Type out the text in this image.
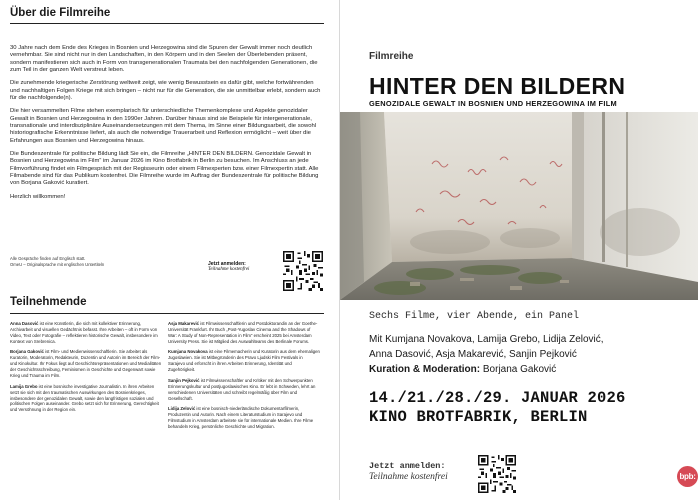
Über die Filmreihe

30 Jahre nach dem Ende des Krieges in Bosnien und Herzegowina sind die Spuren der Gewalt immer noch deutlich vernehmbar. Sie sind nicht nur in den Landschaften, in den Körpern und in den Seelen der Überlebenden präsent, sondern manifestieren sich auch in Form von transgenerationalen Traumata bei den nachfolgenden Generationen, die zum Teil in der ganzen Welt verstreut leben.

Die zunehmende kriegerische Zerstörung weltweit zeigt, wie wenig Bewusstsein es dafür gibt, welche fortwährenden und nachhaltigen Folgen Kriege mit sich bringen – nicht nur für die Generation, die sie unmittelbar erlebt, sondern auch für die nachfolgende(n).

Die hier versammelten Filme stehen exemplarisch für unterschiedliche Themenkomplexe und Aspekte genozidaler Gewalt in Bosnien und Herzegowina in den 1990er Jahren. Darüber hinaus sind sie Beispiele für intergenerationale, transnationale und interdisziplinäre Auseinandersetzungen mit dem Thema, im Sinne einer Bildungsarbeit, die sowohl historiografische Erkenntnisse liefert, als auch die notwendige Trauerarbeit und Reflexion ermöglicht – weit über die Erfahrungen aus Bosnien und Herzegowina hinaus.

Die Bundeszentrale für politische Bildung lädt Sie ein, die Filmreihe „HINTER DEN BILDERN. Genozidale Gewalt in Bosnien und Herzegowina im Film“ im Januar 2026 im Kino Brotfabrik in Berlin zu besuchen. Im Anschluss an jede Filmvorführung findet ein Filmgespräch mit der Regisseurin oder einem Filmexperten bzw. einer Filmexpertin statt. Alle Filmabende sind für das Publikum kostenfrei. Die Filmreihe wurde im Auftrag der Bundeszentrale für politische Bildung von Borjana Gaković kuratiert.

Herzlich willkommen!

Alle Gespräche finden auf Englisch statt.
OmeU – Originalsprache mit englischen Untertiteln	Jetzt anmelden:
Teilnahme kostenfrei
Teilnehmende

Anna Dasović ist eine Künstlerin, die sich mit kollektiver Erinnerung, Archivarbeit und visuellen Gedächtnis befasst. Ihre Arbeiten – oft in Form von Video, Text oder Fotografie – reflektieren historische Gewalt, insbesondere im Kontext von Srebrenica.

Borjana Gaković ist Film- und Medienwissenschaftlerin. Sie arbeitet als Kuratorin, Moderatorin, Redakteurin, Dozentin und Autorin im Bereich der Film- und Kinokultur. Ihr Fokus liegt auf Geschichtsrepräsentationen und Medialitäten der Geschichtsschreibung, Feminismen in Geschichte und Gegenwart sowie Krieg und Trauma im Film.

Lamija Grebo ist eine bosnische investigative Journalistin. In ihren Arbeiten setzt sie sich mit den traumatischen Auswirkungen des Bosnienkrieges, insbesondere der genozidalen Gewalt, sowie den langfristigen sozialen und politischen Folgen auseinander. Grebo setzt sich für Erinnerung, Gerechtigkeit und Versöhnung in der Region ein.

Asja Makarević ist Filmwissenschaftlerin und Postdoktorandin an der Goethe-Universität Frankfurt. Ihr Buch „Post-Yugoslav Cinema and the Shadows of War: A Study of Non-Representation in Film“ erscheint 2025 bei Amsterdam University Press. Sie ist Mitglied des Auswahlteams des Berlinale Forums.

Kumjana Novakova ist eine Filmemacherin und Kuratorin aus dem ehemaligen Jugoslawien. Sie ist Mitbegründerin des Pravo Ljudski Film Festivals in Sarajevo und erforscht in ihren Arbeiten Erinnerung, Identität und Zugehörigkeit.

Sanjin Pejković ist Filmwissenschaftler und Kritiker mit den Schwerpunkten Erinnerungskultur und postjugoslawisches Kino. Er lebt in Schweden, lehrt an verschiedenen Universitäten und schreibt regelmäßig über Film und Gesellschaft.

Lidija Zelović ist eine bosnisch-niederländische Dokumentarfilmerin, Produzentin und Autorin. Nach einem Literaturstudium in Sarajevo und Filmstudium in Amsterdam arbeitete sie für internationale Medien. Ihre Filme behandeln Krieg, persönliche Geschichte und Migration.

Filmreihe
HINTER DEN BILDERN
GENOZIDALE GEWALT IN BOSNIEN UND HERZEGOWINA IM FILM
Sechs Filme, vier Abende, ein Panel
Mit Kumjana Novakova, Lamija Grebo, Lidija Zelović,
Anna Dasović, Asja Makarević, Sanjin Pejković
Kuration & Moderation: Borjana Gaković
14./21./28./29. JANUAR 2026
KINO BROTFABRIK, BERLIN
Jetzt anmelden:
Teilnahme kostenfrei	bpb:
